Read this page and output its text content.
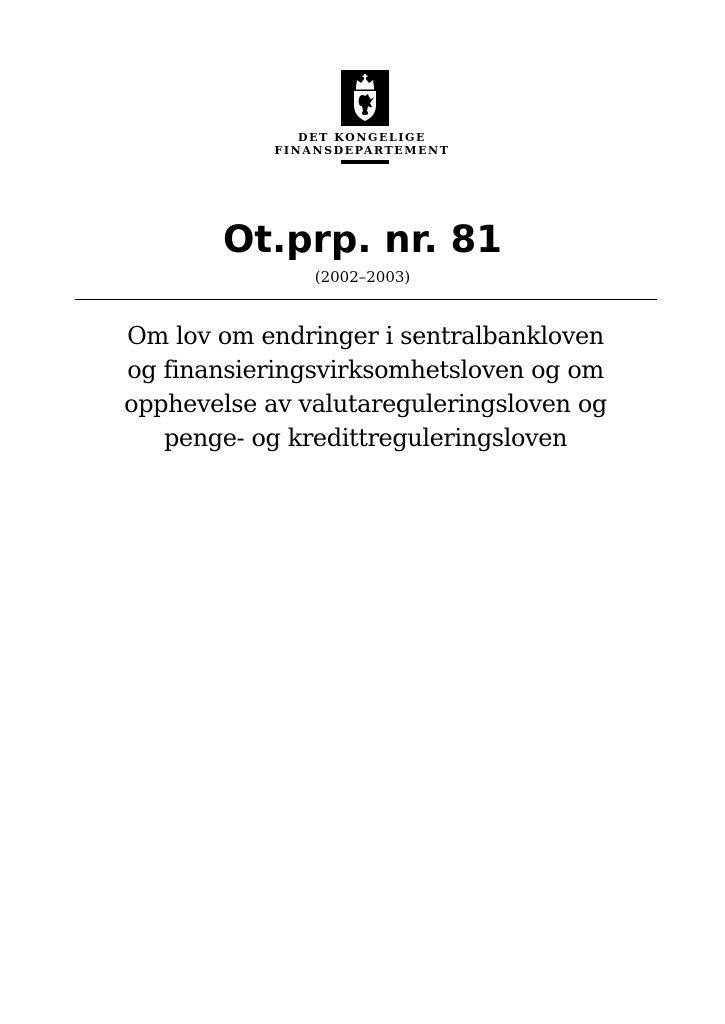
DET KONGELIGE
FINANSDEPARTEMENT
Ot.prp. nr. 81
(2002–2003)
Om lov om endringer i sentralbankloven
og finansieringsvirksomhetsloven og om
opphevelse av valutareguleringsloven og
penge- og kredittreguleringsloven
